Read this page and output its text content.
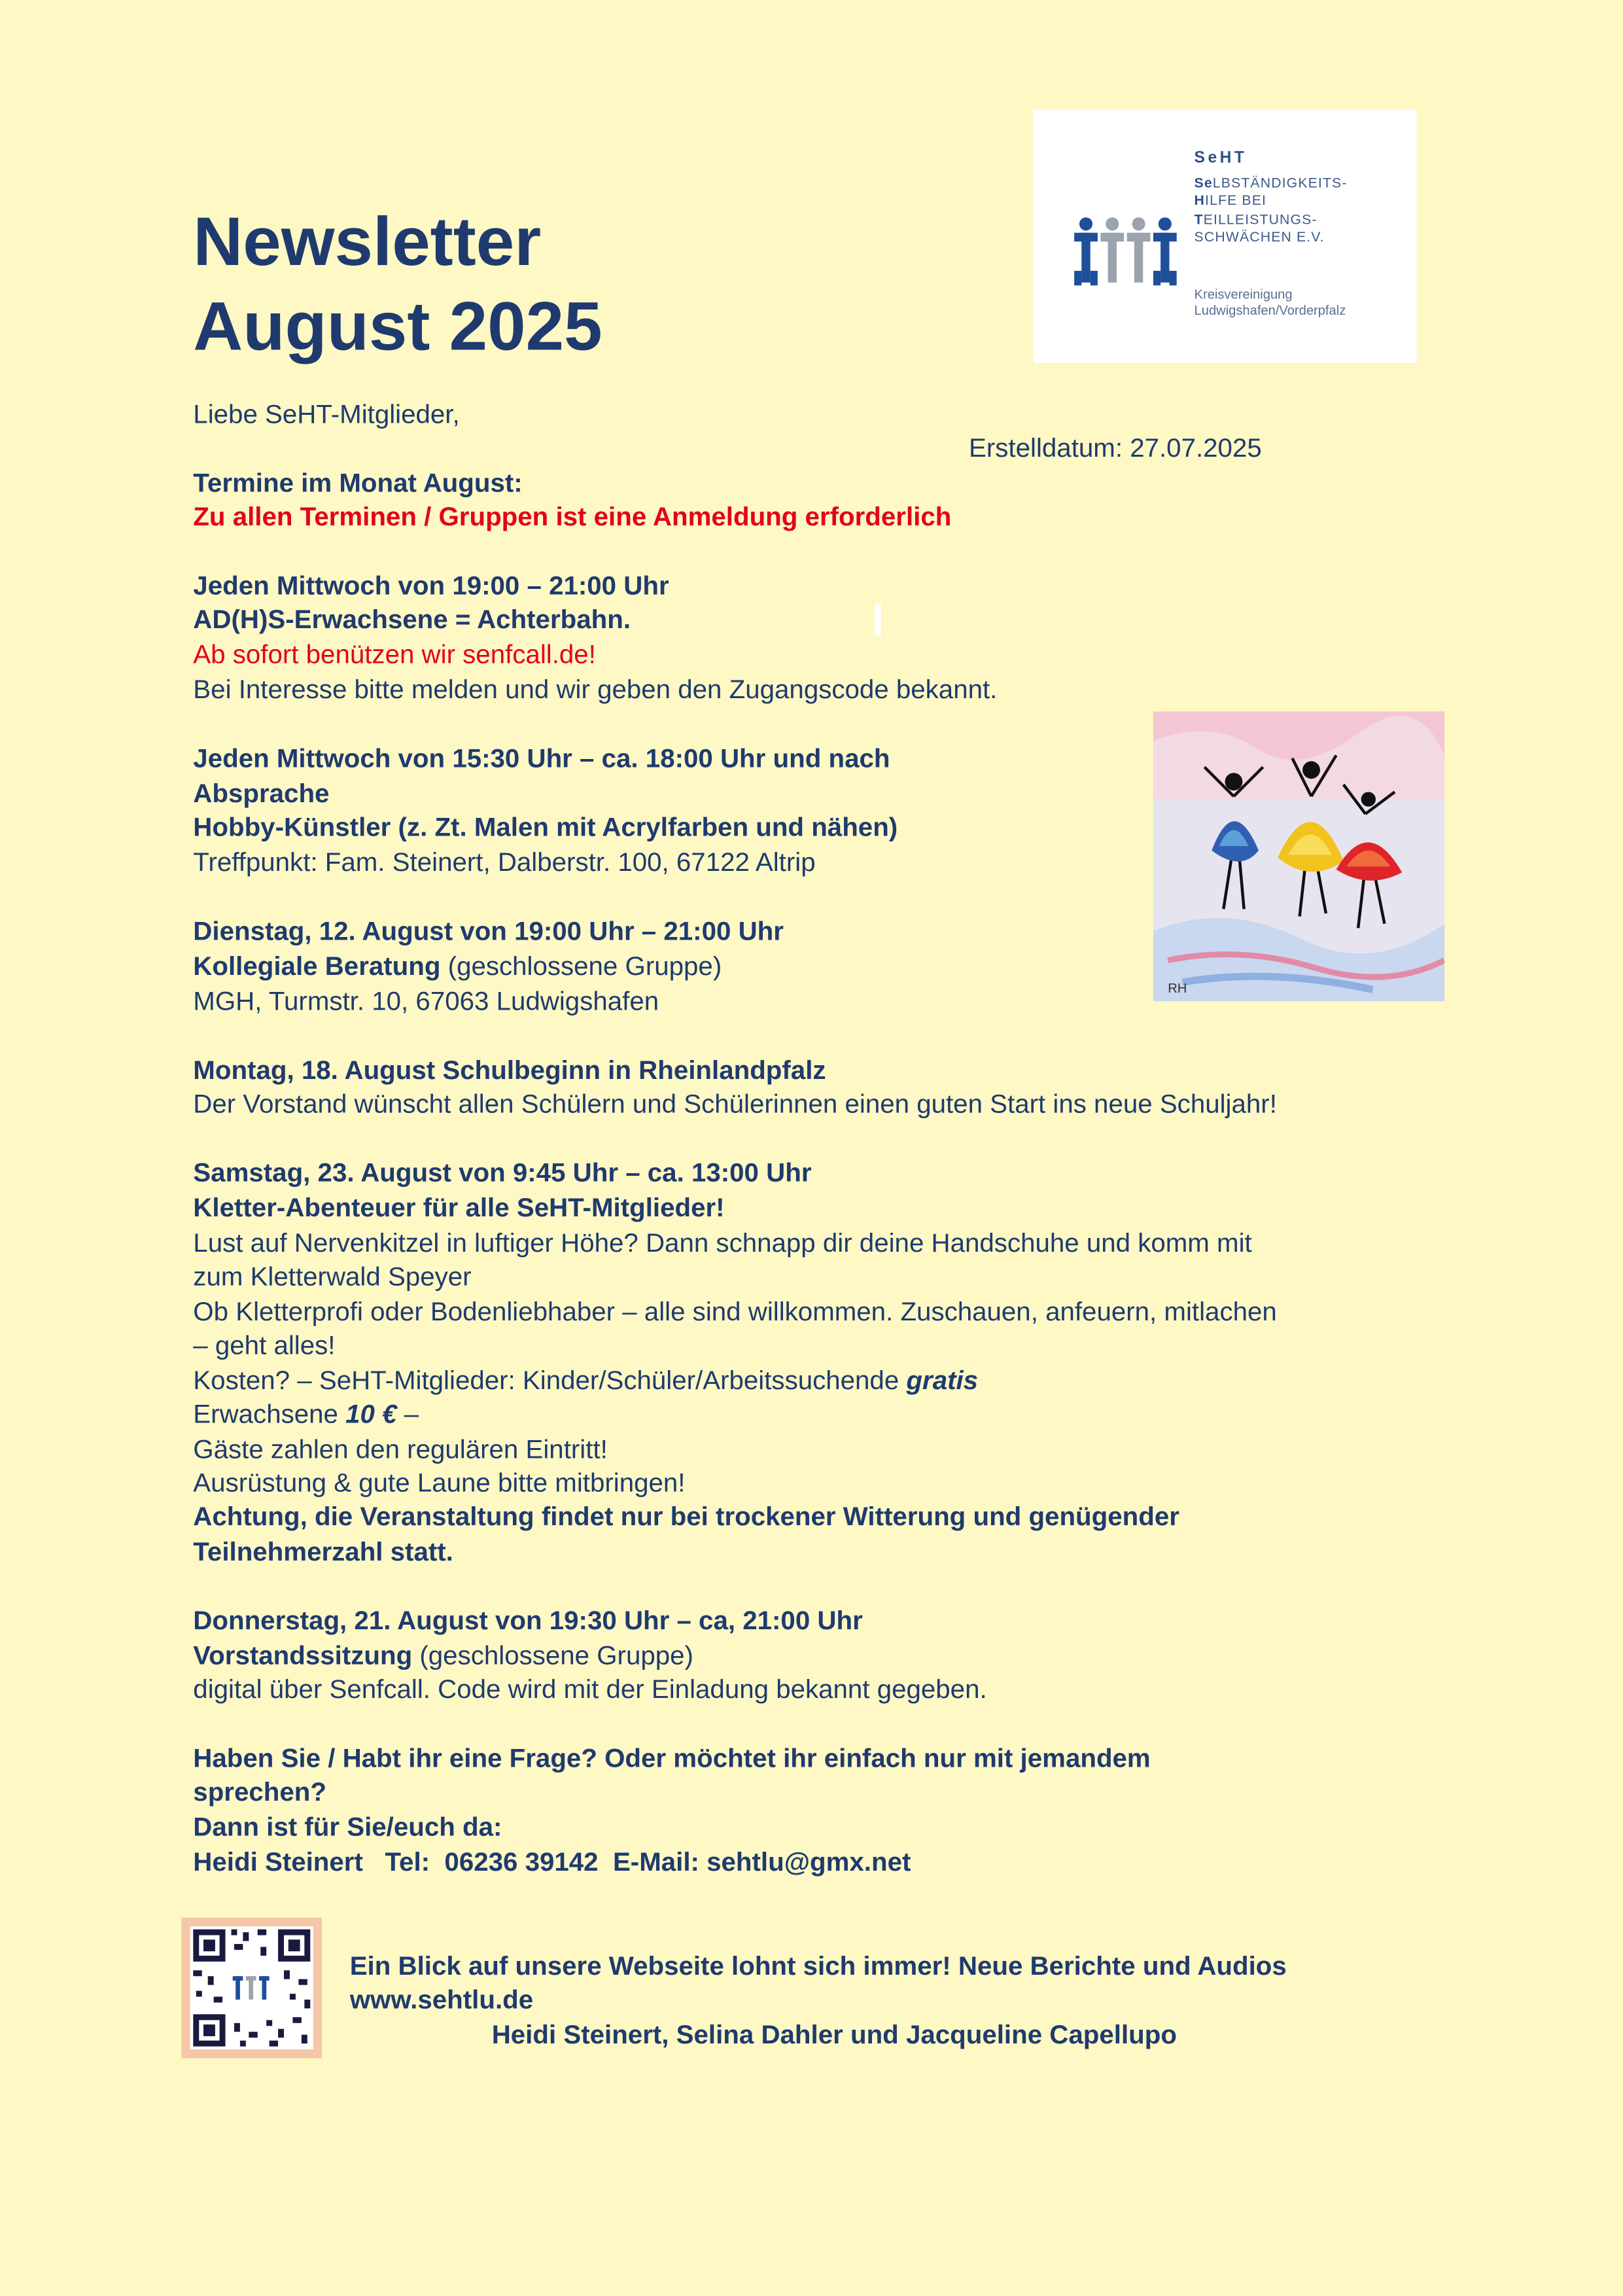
Newsletter
August 2025
SeHT
SeLBSTÄNDIGKEITS-
HILFE BEI
TEILLEISTUNGS-
SCHWÄCHEN E.V.
Kreisvereinigung
Ludwigshafen/Vorderpfalz
Liebe SeHT-Mitglieder,
Erstelldatum: 27.07.2025
Termine im Monat August:
Zu allen Terminen / Gruppen ist eine Anmeldung erforderlich
Jeden Mittwoch von 19:00 – 21:00 Uhr
AD(H)S-Erwachsene = Achterbahn.
Ab sofort benützen wir senfcall.de!
Bei Interesse bitte melden und wir geben den Zugangscode bekannt.
Jeden Mittwoch von 15:30 Uhr – ca. 18:00 Uhr und nach
Absprache
Hobby-Künstler (z. Zt. Malen mit Acrylfarben und nähen)
Treffpunkt: Fam. Steinert, Dalberstr. 100, 67122 Altrip
Dienstag, 12. August von 19:00 Uhr – 21:00 Uhr
Kollegiale Beratung (geschlossene Gruppe)
MGH, Turmstr. 10, 67063 Ludwigshafen	RH
Montag, 18. August Schulbeginn in Rheinlandpfalz
Der Vorstand wünscht allen Schülern und Schülerinnen einen guten Start ins neue Schuljahr!
Samstag, 23. August von 9:45 Uhr – ca. 13:00 Uhr
Kletter-Abenteuer für alle SeHT-Mitglieder!
Lust auf Nervenkitzel in luftiger Höhe? Dann schnapp dir deine Handschuhe und komm mit
zum Kletterwald Speyer
Ob Kletterprofi oder Bodenliebhaber – alle sind willkommen. Zuschauen, anfeuern, mitlachen
– geht alles!
Kosten? – SeHT-Mitglieder: Kinder/Schüler/Arbeitssuchende gratis
Erwachsene 10 € –
Gäste zahlen den regulären Eintritt!
Ausrüstung & gute Laune bitte mitbringen!
Achtung, die Veranstaltung findet nur bei trockener Witterung und genügender
Teilnehmerzahl statt.
Donnerstag, 21. August von 19:30 Uhr – ca, 21:00 Uhr
Vorstandssitzung (geschlossene Gruppe)
digital über Senfcall. Code wird mit der Einladung bekannt gegeben.
Haben Sie / Habt ihr eine Frage? Oder möchtet ihr einfach nur mit jemandem
sprechen?
Dann ist für Sie/euch da:
Heidi Steinert   Tel:  06236 39142  E-Mail: sehtlu@gmx.net
Ein Blick auf unsere Webseite lohnt sich immer! Neue Berichte und Audios
www.sehtlu.de
Heidi Steinert, Selina Dahler und Jacqueline Capellupo
